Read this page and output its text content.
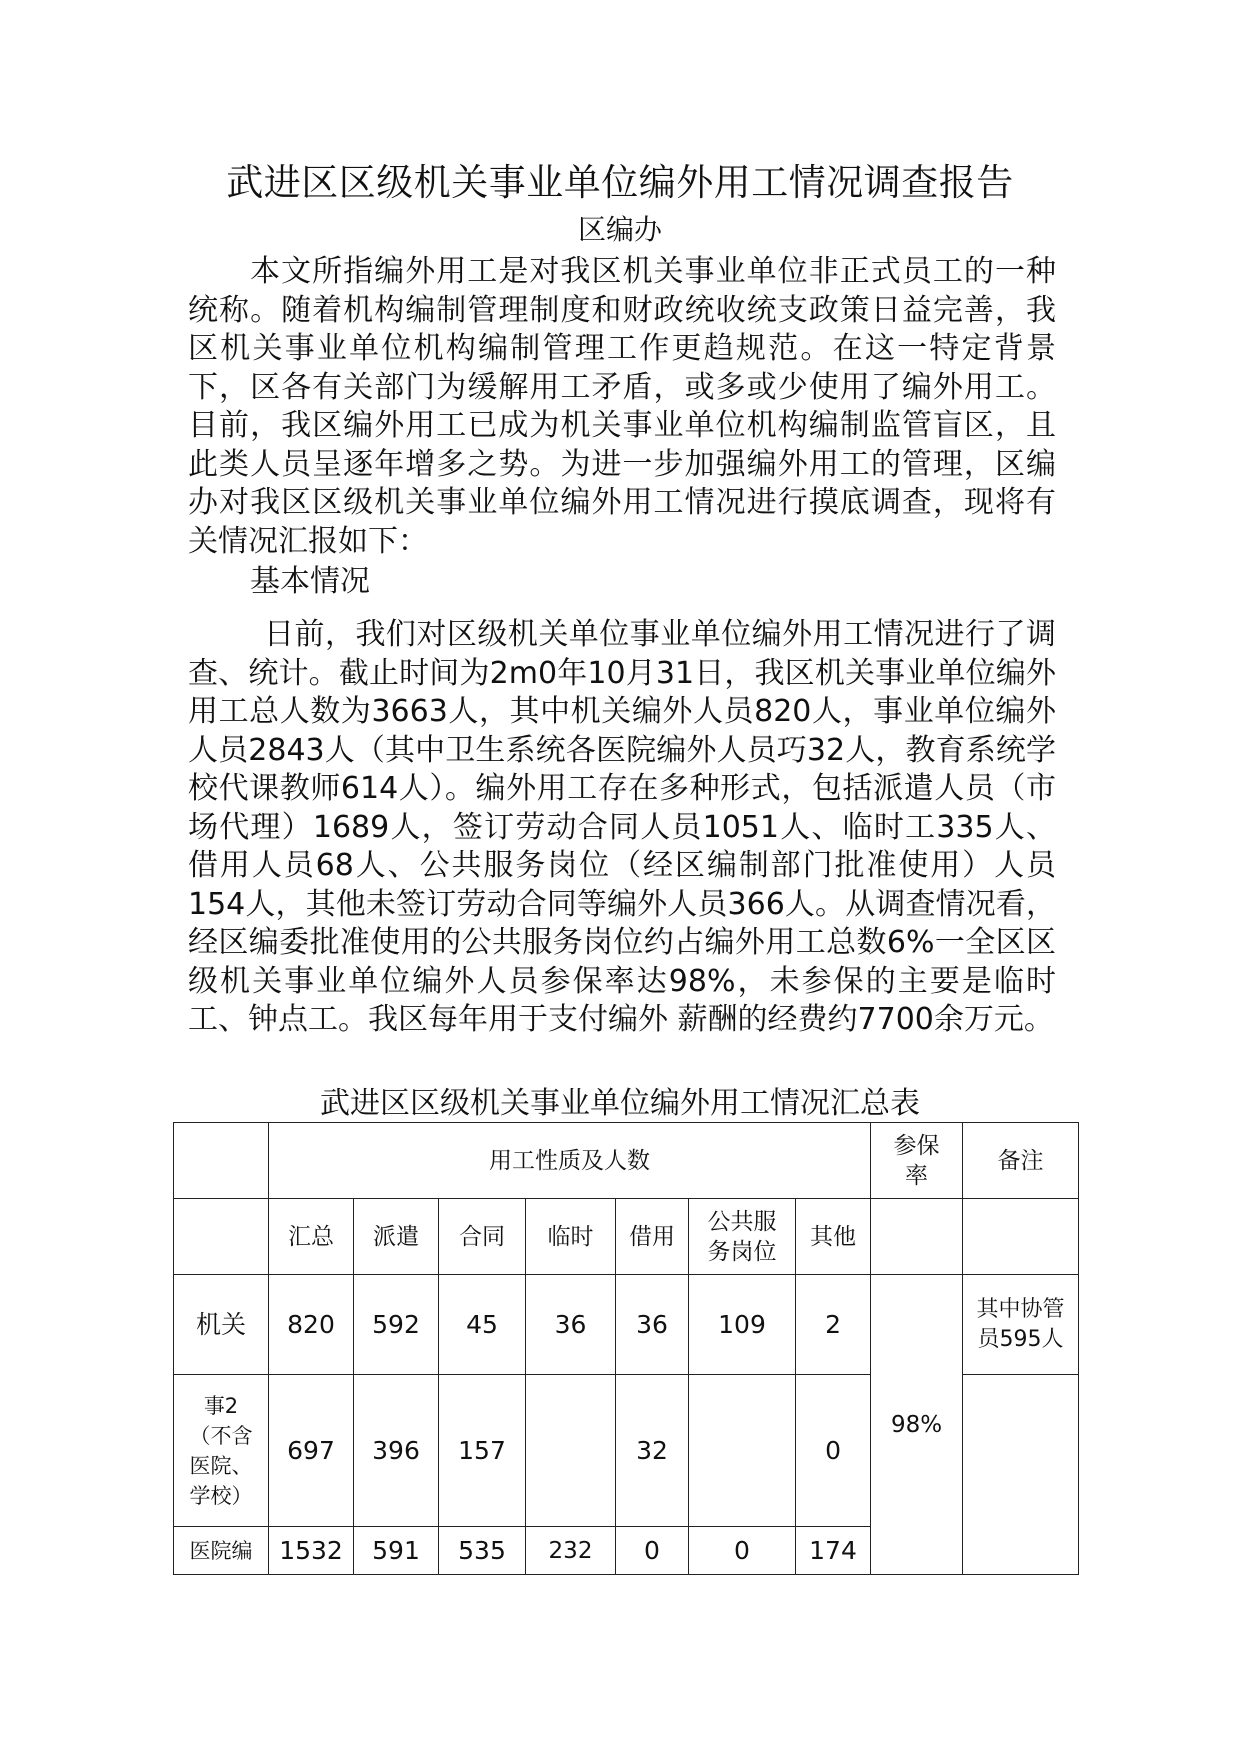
武进区区级机关事业单位编外用工情况调查报告
区编办
本文所指编外用工是对我区机关事业单位非正式员工的一种统称。随着机构编制管理制度和财政统收统支政策日益完善，我区机关事业单位机构编制管理工作更趋规范。在这一特定背景下，区各有关部门为缓解用工矛盾，或多或少使用了编外用工。目前，我区编外用工已成为机关事业单位机构编制监管盲区，且此类人员呈逐年增多之势。为进一步加强编外用工的管理，区编办对我区区级机关事业单位编外用工情况进行摸底调查，现将有关情况汇报如下：
基本情况
日前，我们对区级机关单位事业单位编外用工情况进行了调查、统计。截止时间为2m0年10月31日，我区机关事业单位编外用工总人数为3663人，其中机关编外人员820人，事业单位编外人员2843人（其中卫生系统各医院编外人员巧32人，教育系统学校代课教师614人）。编外用工存在多种形式，包括派遣人员（市场代理）1689人，签订劳动合同人员1051人、临时工335人、借用人员68人、公共服务岗位（经区编制部门批准使用）人员154人，其他未签订劳动合同等编外人员366人。从调查情况看，经区编委批准使用的公共服务岗位约占编外用工总数6%一全区区级机关事业单位编外人员参保率达98%，未参保的主要是临时工、钟点工。我区每年用于支付编外 薪酬的经费约7700余万元。
武进区区级机关事业单位编外用工情况汇总表
	用工性质及人数							参保率	备注
	汇总	派遣	合同	临时	借用	公共服务岗位	其他		
机关	820	592	45	36	36	109	2	98%	其中协管员595人
事2（不含医院、学校）	697	396	157		32		0		
医院编	1532	591	535	232	0	0	174		
